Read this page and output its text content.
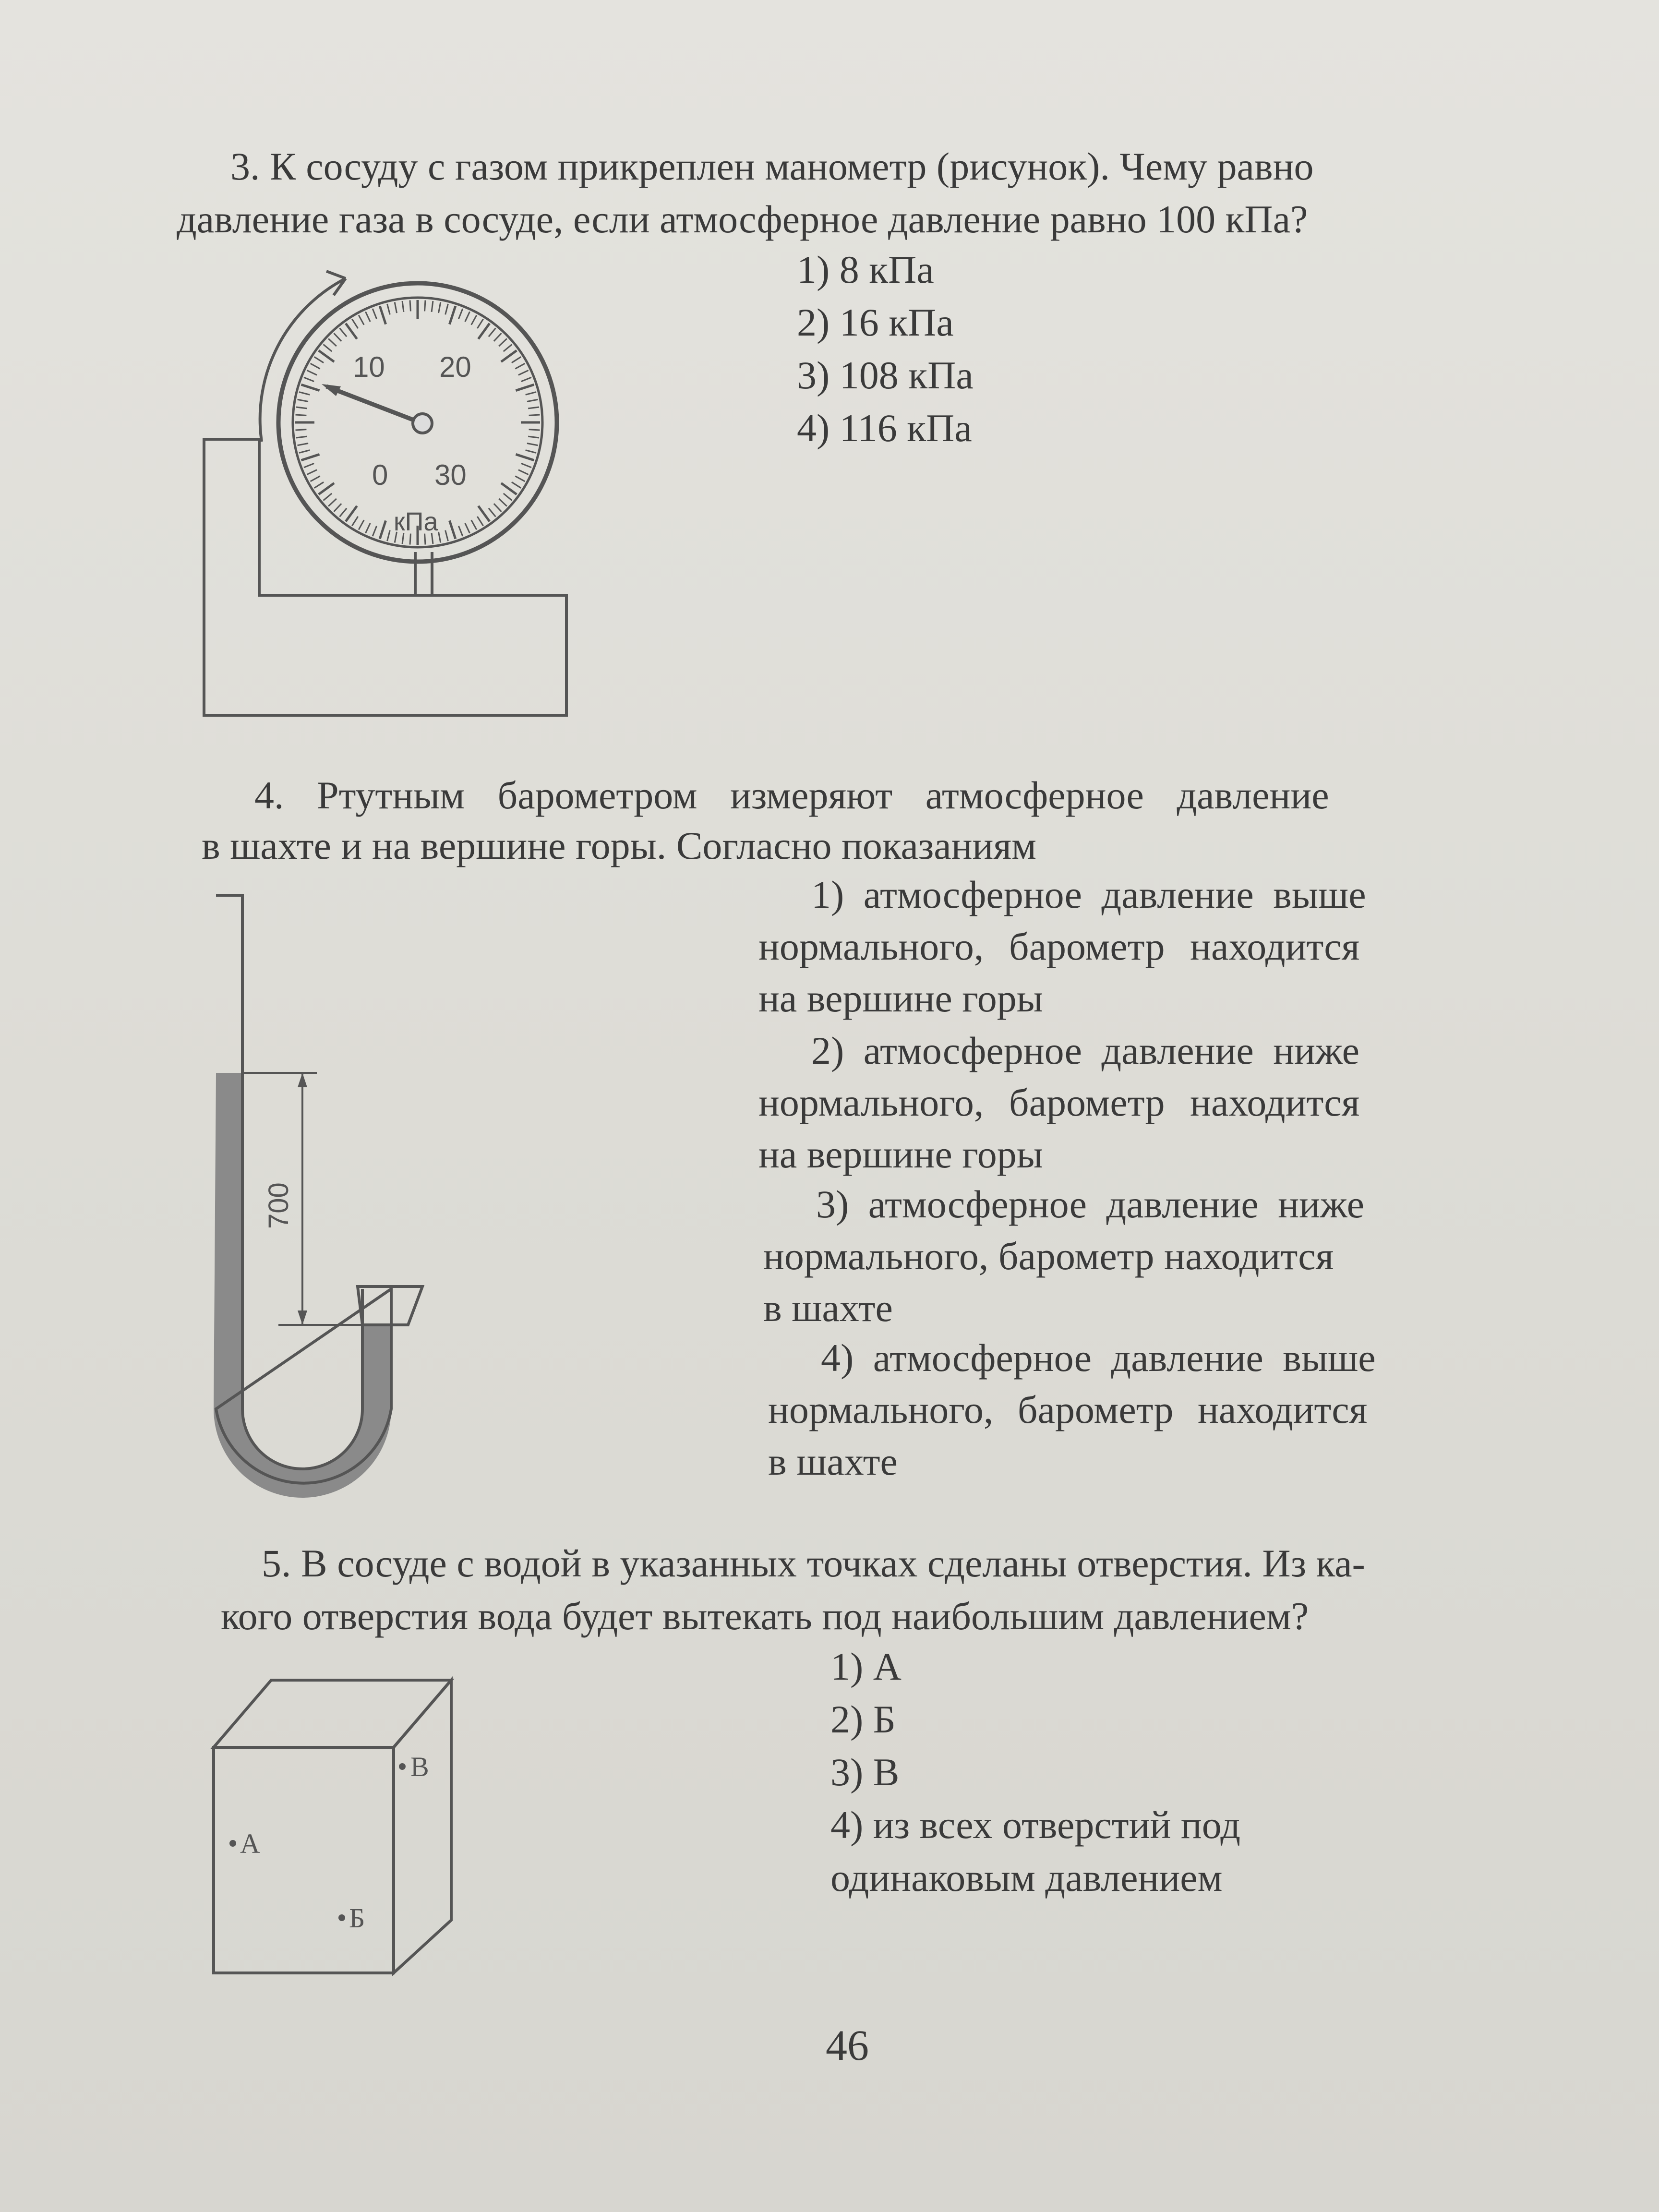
3. К сосуду с газом прикреплен манометр (рисунок). Чему равно
давление газа в сосуде, если атмосферное давление равно 100 кПа?
1) 8 кПа
2) 16 кПа
3) 108 кПа
4) 116 кПа
10 20
0 30
кПа
4. Ртутным барометром измеряют атмосферное давление
в шахте и на вершине горы. Согласно показаниям
1) атмосферное давление выше
нормального, барометр находится
на вершине горы
2) атмосферное давление ниже
нормального, барометр находится
на вершине горы
3) атмосферное давление ниже
нормального, барометр находится
в шахте
4) атмосферное давление выше
нормального, барометр находится
в шахте
700
5. В сосуде с водой в указанных точках сделаны отверстия. Из ка-
кого отверстия вода будет вытекать под наибольшим давлением?
1) А
2) Б
3) В
4) из всех отверстий под
одинаковым давлением
А
Б
В
46
